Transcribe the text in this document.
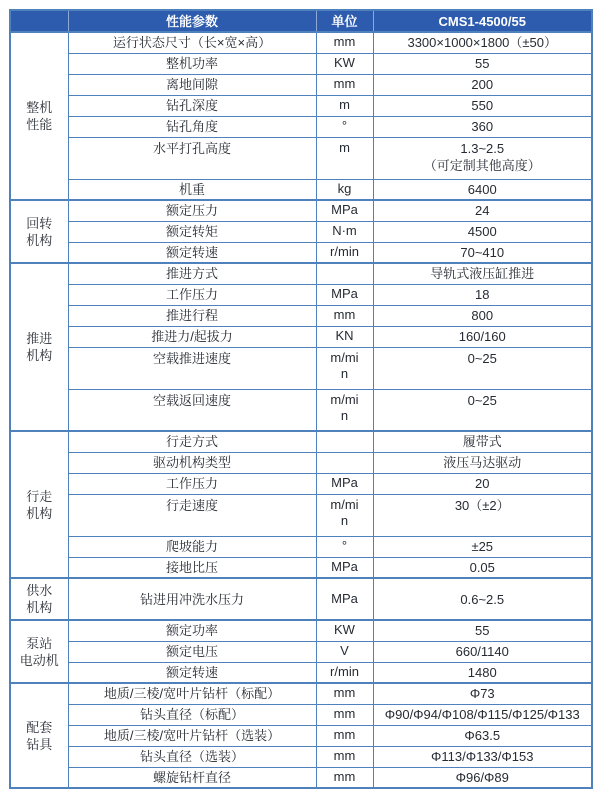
	性能参数	单位	CMS1-4500/55

整机
性能	运行状态尺寸（长×宽×高）	mm	3300×1000×1800（±50）
	整机功率	KW	55
	离地间隙	mm	200
	钻孔深度	m	550
	钻孔角度	°	360
	水平打孔高度	m	1.3~2.5
（可定制其他高度）

	机重	kg	6400

回转
机构	额定压力	MPa	24
	额定转矩	N·m	4500
	额定转速	r/min	70~410

推进
机构	推进方式		导轨式液压缸推进
	工作压力	MPa	18
	推进行程	mm	800
	推进力/起拔力	KN	160/160
	空载推进速度	m/min	0~25
	空载返回速度	m/min	0~25

行走
机构	行走方式		履带式
	驱动机构类型		液压马达驱动
	工作压力	MPa	20
	行走速度	m/min	30（±2）
	爬坡能力	°	±25
	接地比压	MPa	0.05

供水
机构	钻进用冲洗水压力	MPa	0.6~2.5

泵站
电动机	额定功率	KW	55
	额定电压	V	660/1140
	额定转速	r/min	1480

配套
钻具	地质/三棱/宽叶片钻杆（标配）	mm	Φ73
	钻头直径（标配）	mm	Φ90/Φ94/Φ108/Φ115/Φ125/Φ133
	地质/三棱/宽叶片钻杆（选装）	mm	Φ63.5
	钻头直径（选装）	mm	Φ113/Φ133/Φ153
	螺旋钻杆直径	mm	Φ96/Φ89
